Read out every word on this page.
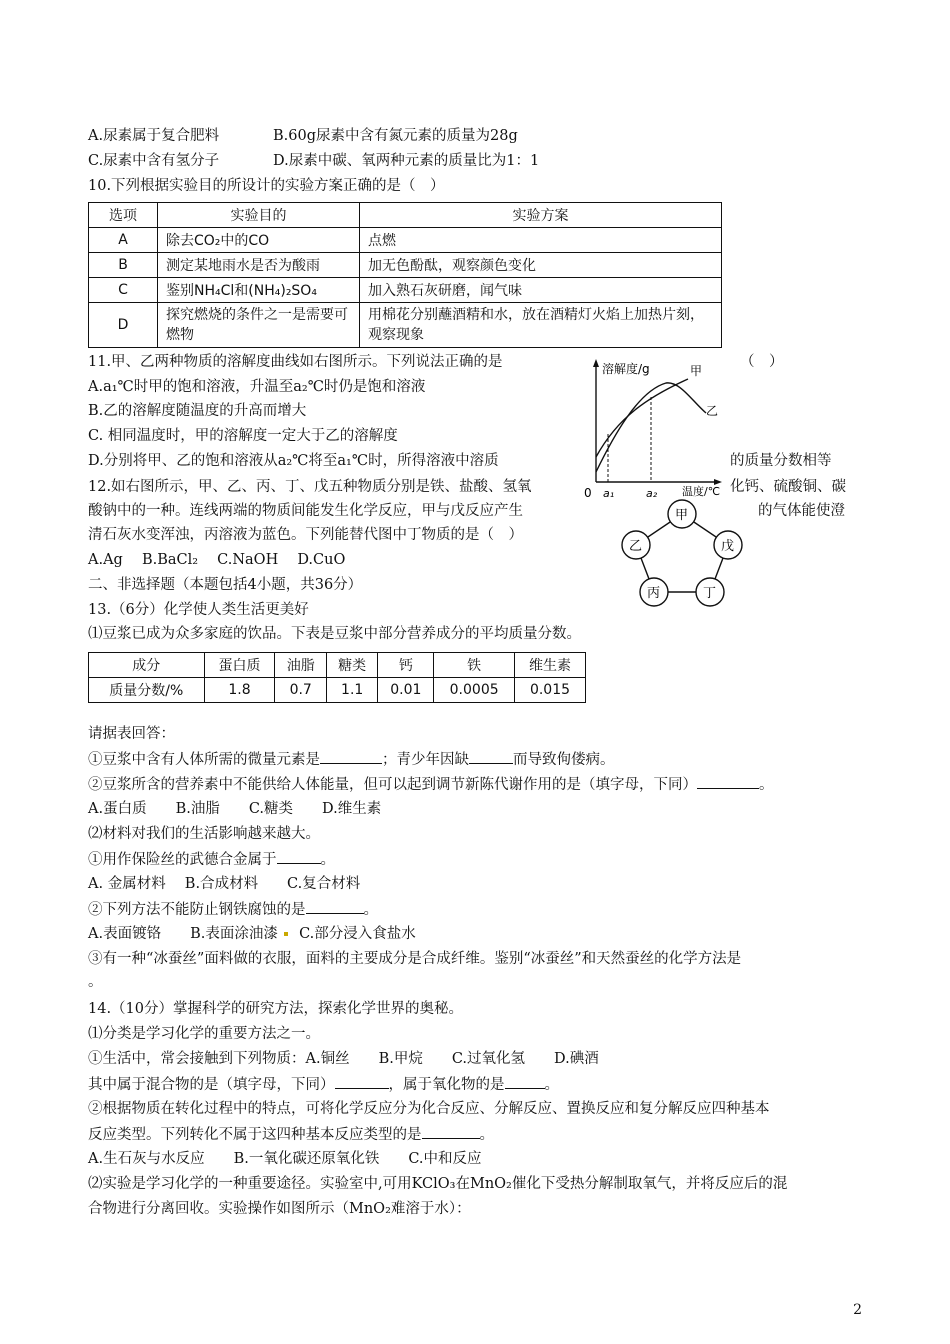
A.尿素属于复合肥料	B.60g尿素中含有氮元素的质量为28g
C.尿素中含有氢分子	D.尿素中碳、氧两种元素的质量比为1：1
10.下列根据实验目的所设计的实验方案正确的是（　）
选项	实验目的	实验方案
A	除去CO₂中的CO	点燃
B	测定某地雨水是否为酸雨	加无色酚酞，观察颜色变化
C	鉴别NH₄Cl和(NH₄)₂SO₄	加入熟石灰研磨，闻气味
D	探究燃烧的条件之一是需要可燃物	用棉花分别蘸酒精和水，放在酒精灯火焰上加热片刻，观察现象
11.甲、乙两种物质的溶解度曲线如右图所示。下列说法正确的是	（　）
A.a₁℃时甲的饱和溶液，升温至a₂℃时仍是饱和溶液
B.乙的溶解度随温度的升高而增大
C. 相同温度时，甲的溶解度一定大于乙的溶解度
D.分别将甲、乙的饱和溶液从a₂℃将至a₁℃时，所得溶液中溶质	的质量分数相等
溶解度/g
温度/℃
0 a₁	a₂
甲
乙
12.如右图所示，甲、乙、丙、丁、戊五种物质分别是铁、盐酸、氢氧	化钙、硫酸铜、碳
酸钠中的一种。连线两端的物质间能发生化学反应，甲与戊反应产生	的气体能使澄
清石灰水变浑浊，丙溶液为蓝色。下列能替代图中丁物质的是（　）
A.Ag　 B.BaCl₂　 C.NaOH　 D.CuO
甲
乙	戊
丙	丁
二、非选择题（本题包括4小题，共36分）
13.（6分）化学使人类生活更美好
⑴豆浆已成为众多家庭的饮品。下表是豆浆中部分营养成分的平均质量分数。
成分	蛋白质	油脂	糖类	钙	铁	维生素
质量分数/%	1.8	0.7	1.1	0.01	0.0005	0.015
请据表回答：
①豆浆中含有人体所需的微量元素是	；青少年因缺	而导致佝偻病。
②豆浆所含的营养素中不能供给人体能量，但可以起到调节新陈代谢作用的是（填字母，下同）	。
A.蛋白质　　B.油脂　　C.糖类　　D.维生素
⑵材料对我们的生活影响越来越大。
①用作保险丝的武德合金属于	。
A. 金属材料　 B.合成材料　　C.复合材料
②下列方法不能防止钢铁腐蚀的是	。
A.表面镀铬　　B.表面涂油漆 C.部分浸入食盐水
③有一种“冰蚕丝”面料做的衣服，面料的主要成分是合成纤维。鉴别“冰蚕丝”和天然蚕丝的化学方法是
。
14.（10分）掌握科学的研究方法，探索化学世界的奥秘。
⑴分类是学习化学的重要方法之一。
①生活中，常会接触到下列物质：A.铜丝　　B.甲烷　　C.过氧化氢　　D.碘酒
其中属于混合物的是（填字母，下同）	，属于氧化物的是	。
②根据物质在转化过程中的特点，可将化学反应分为化合反应、分解反应、置换反应和复分解反应四种基本
反应类型。下列转化不属于这四种基本反应类型的是	。
A.生石灰与水反应　　B.一氧化碳还原氧化铁　　C.中和反应
⑵实验是学习化学的一种重要途径。实验室中,可用KClO₃在MnO₂催化下受热分解制取氧气，并将反应后的混
合物进行分离回收。实验操作如图所示（MnO₂难溶于水）：
2
